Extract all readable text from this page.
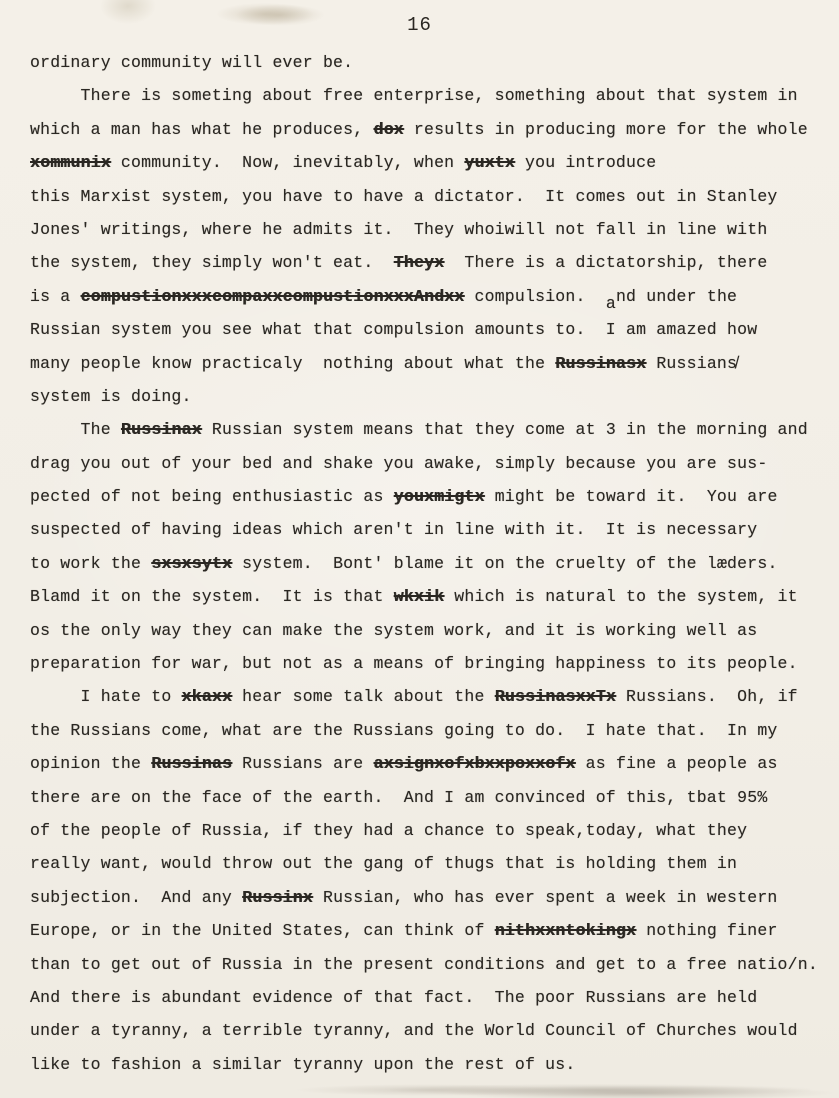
16
ordinary community will ever be.
There is someting about free enterprise, something about that system in
which a man has what he produces, dox results in producing more for the whole
xommunix community.  Now, inevitably, when yuxtx you introduce
this Marxist system, you have to have a dictator.  It comes out in Stanley
Jones' writings, where he admits it.  They whoiwill not fall in line with
the system, they simply won't eat.  Theyx  There is a dictatorship, there
is a compustionxxxcompaxxcompustionxxxAndxx compulsion.  and under the
Russian system you see what that compulsion amounts to.  I am amazed how
many people know practicaly  nothing about what the Russinasx Russians̸
system is doing.
The Russinax Russian system means that they come at 3 in the morning and
drag you out of your bed and shake you awake, simply because you are sus-
pected of not being enthusiastic as youxmigtx might be toward it.  You are
suspected of having ideas which aren't in line with it.  It is necessary
to work the sxsxsytx system.  Bont' blame it on the cruelty of the læders.
Blamd it on the system.  It is that wkxik which is natural to the system, it
os the only way they can make the system work, and it is working well as
preparation for war, but not as a means of bringing happiness to its people.
I hate to xkaxx hear some talk about the RussinasxxTx Russians.  Oh, if
the Russians come, what are the Russians going to do.  I hate that.  In my
opinion the Russinas Russians are axsignxofxbxxpoxxofx as fine a people as
there are on the face of the earth.  And I am convinced of this, tbat 95%
of the people of Russia, if they had a chance to speak,today, what they
really want, would throw out the gang of thugs that is holding them in
subjection.  And any Russinx Russian, who has ever spent a week in western
Europe, or in the United States, can think of nithxxntokingx nothing finer
than to get out of Russia in the present conditions and get to a free natio/n.
And there is abundant evidence of that fact.  The poor Russians are held
under a tyranny, a terrible tyranny, and the World Council of Churches would
like to fashion a similar tyranny upon the rest of us.
